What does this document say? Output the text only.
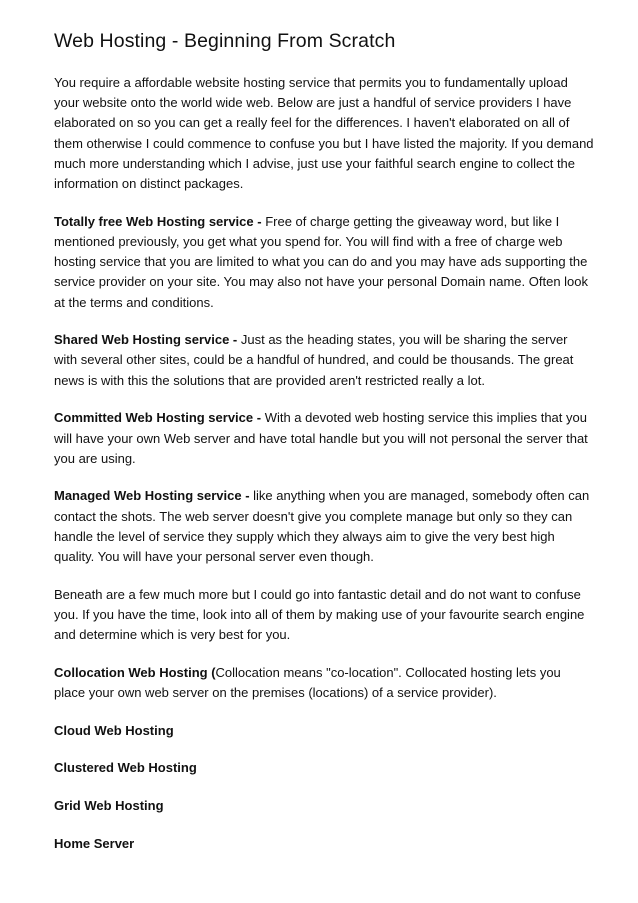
Web Hosting - Beginning From Scratch

You require a affordable website hosting service that permits you to fundamentally upload your website onto the world wide web. Below are just a handful of service providers I have elaborated on so you can get a really feel for the differences. I haven't elaborated on all of them otherwise I could commence to confuse you but I have listed the majority. If you demand much more understanding which I advise, just use your faithful search engine to collect the information on distinct packages.

Totally free Web Hosting service - Free of charge getting the giveaway word, but like I mentioned previously, you get what you spend for. You will find with a free of charge web hosting service that you are limited to what you can do and you may have ads supporting the service provider on your site. You may also not have your personal Domain name. Often look at the terms and conditions.

Shared Web Hosting service - Just as the heading states, you will be sharing the server with several other sites, could be a handful of hundred, and could be thousands. The great news is with this the solutions that are provided aren't restricted really a lot.

Committed Web Hosting service - With a devoted web hosting service this implies that you will have your own Web server and have total handle but you will not personal the server that you are using.

Managed Web Hosting service - like anything when you are managed, somebody often can contact the shots. The web server doesn't give you complete manage but only so they can handle the level of service they supply which they always aim to give the very best high quality. You will have your personal server even though.

Beneath are a few much more but I could go into fantastic detail and do not want to confuse you. If you have the time, look into all of them by making use of your favourite search engine and determine which is very best for you.

Collocation Web Hosting (Collocation means "co-location". Collocated hosting lets you place your own web server on the premises (locations) of a service provider).

Cloud Web Hosting

Clustered Web Hosting

Grid Web Hosting

Home Server
